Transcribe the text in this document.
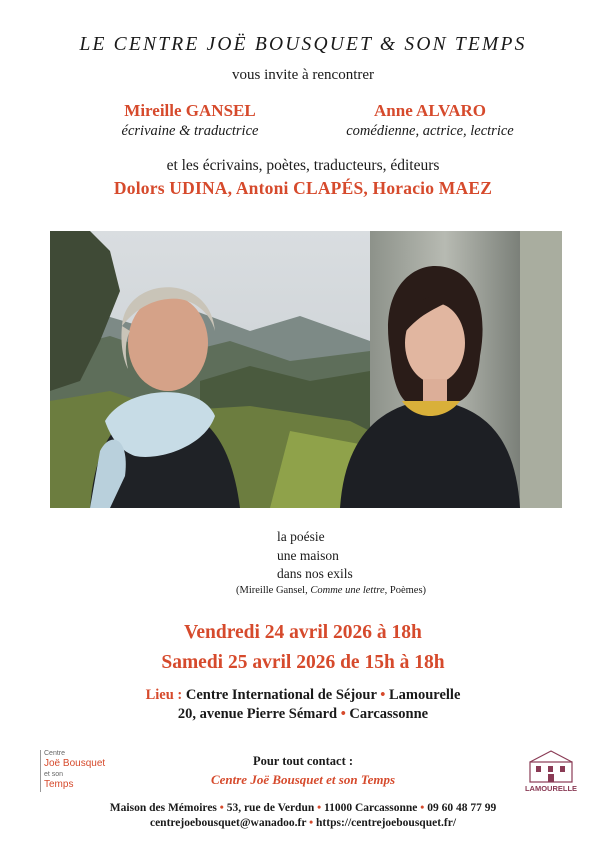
LE CENTRE JOË BOUSQUET & SON TEMPS
vous invite à rencontrer
Mireille GANSEL
écrivaine & traductrice
Anne ALVARO
comédienne, actrice, lectrice
et les écrivains, poètes, traducteurs, éditeurs
Dolors UDINA, Antoni CLAPÉS, Horacio MAEZ
la poésie
une maison
dans nos exils
(Mireille Gansel, Comme une lettre, Poèmes)
Vendredi 24 avril 2026 à 18h
Samedi 25 avril 2026 de 15h à 18h
Lieu : Centre International de Séjour • Lamourelle
20, avenue Pierre Sémard • Carcassonne
Centre
Joë Bousquet
et son
Temps
Pour tout contact :
Centre Joë Bousquet et son Temps
LAMOURELLE
Maison des Mémoires • 53, rue de Verdun • 11000 Carcassonne • 09 60 48 77 99
centrejoebousquet@wanadoo.fr • https://centrejoebousquet.fr/
